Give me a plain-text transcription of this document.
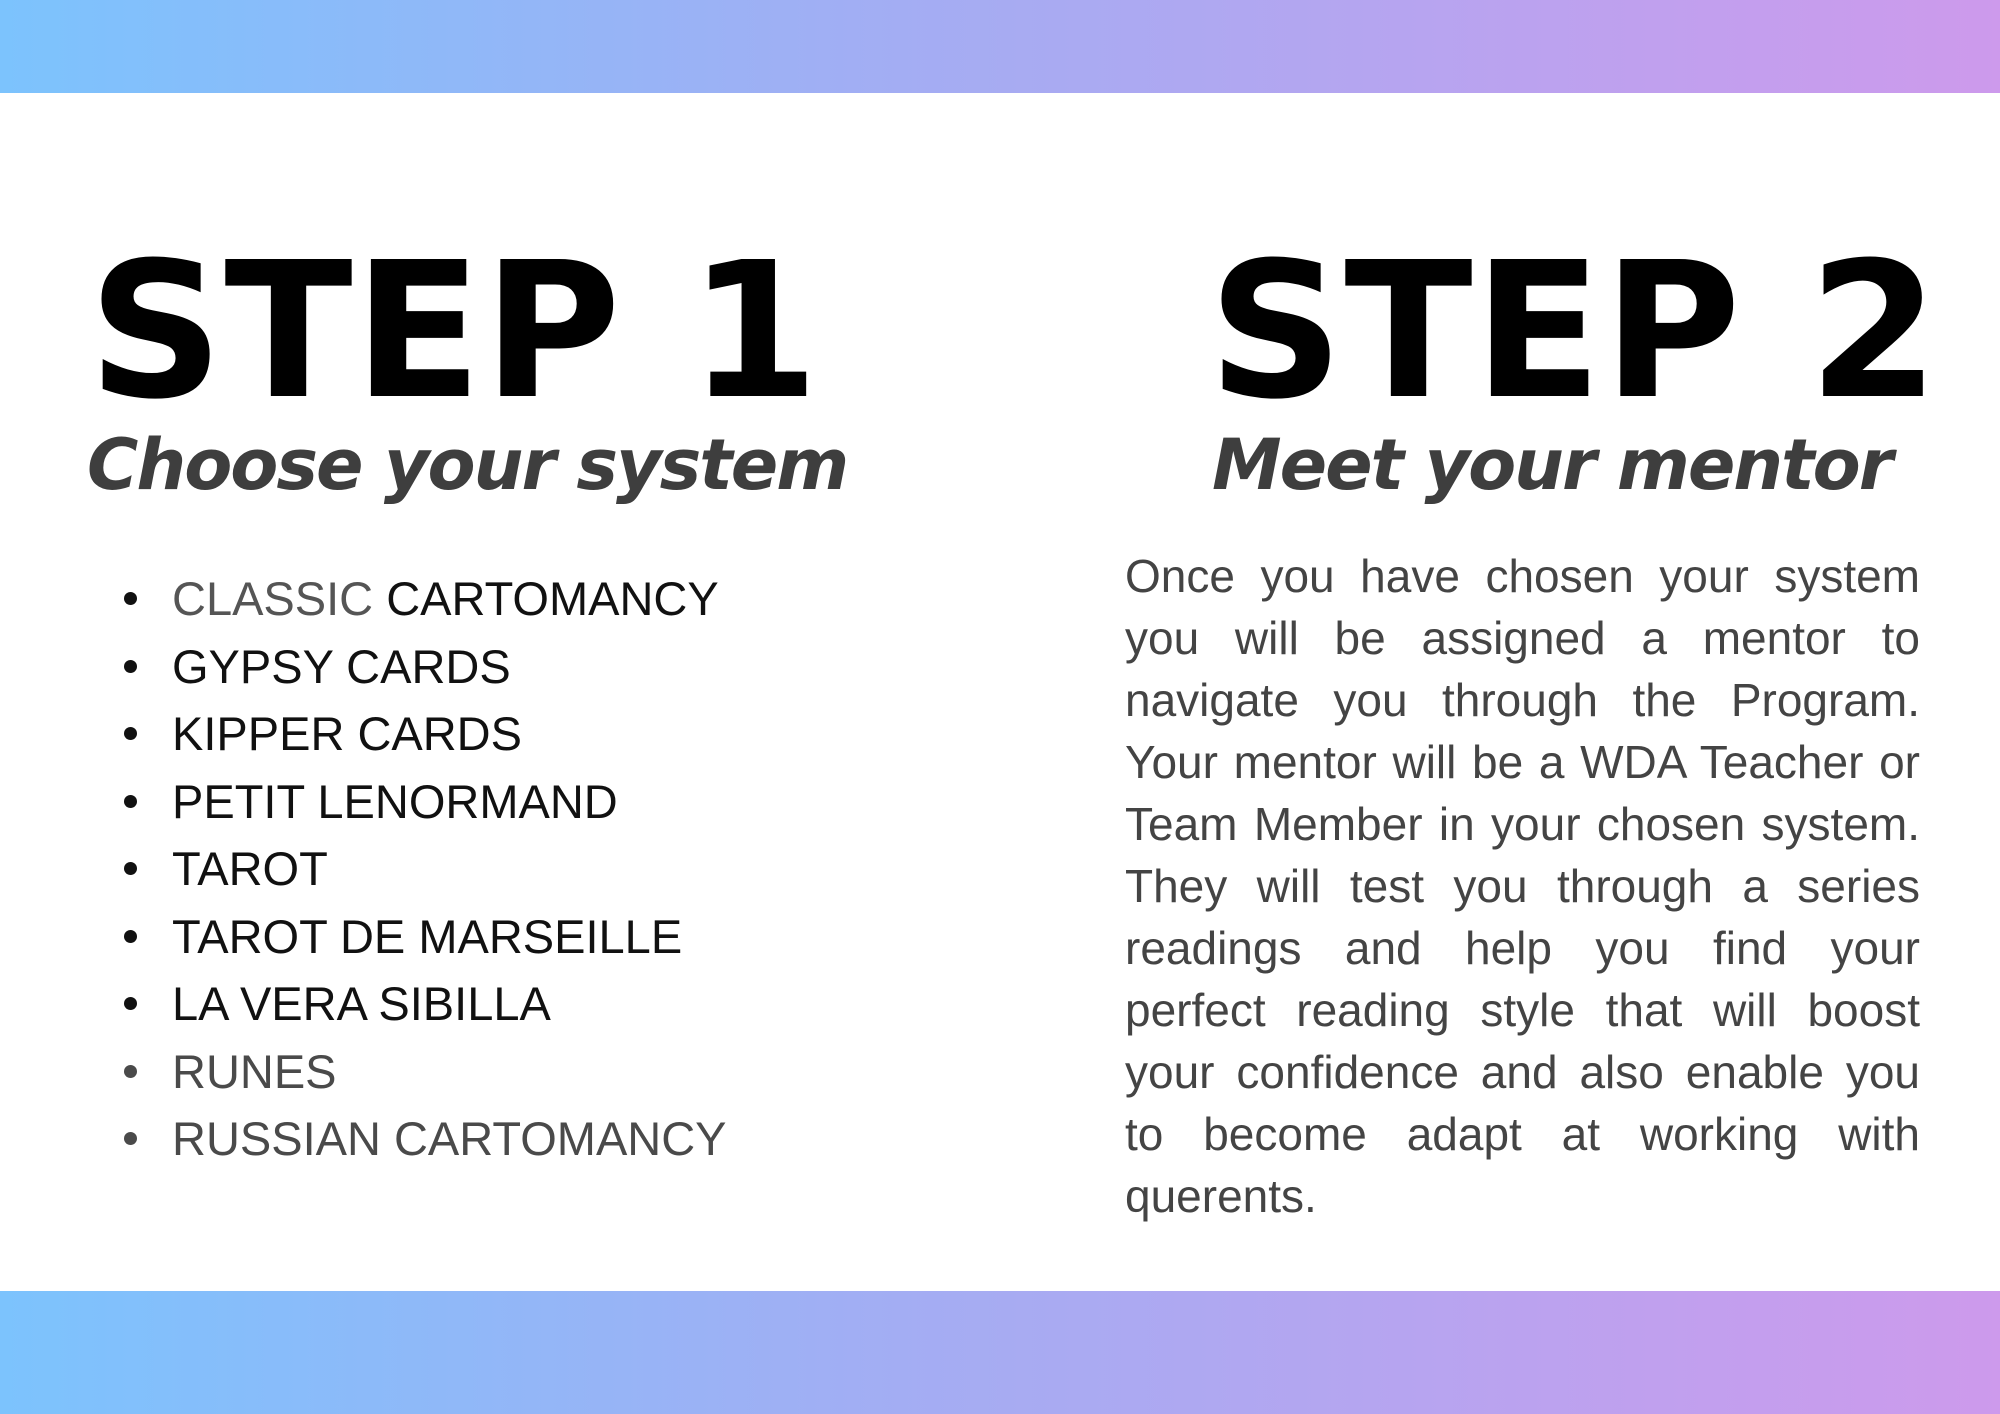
STEP 1
Choose your system
CLASSIC CARTOMANCY
GYPSY CARDS
KIPPER CARDS
PETIT LENORMAND
TAROT
TAROT DE MARSEILLE
LA VERA SIBILLA
RUNES
RUSSIAN CARTOMANCY
STEP 2
Meet your mentor

Once you have chosen your system you will be assigned a mentor to navigate you through the Program. Your mentor will be a WDA Teacher or Team Member in your chosen system. They will test you through a series readings and help you find your perfect reading style that will boost your confidence and also enable you to become adapt at working with querents.
